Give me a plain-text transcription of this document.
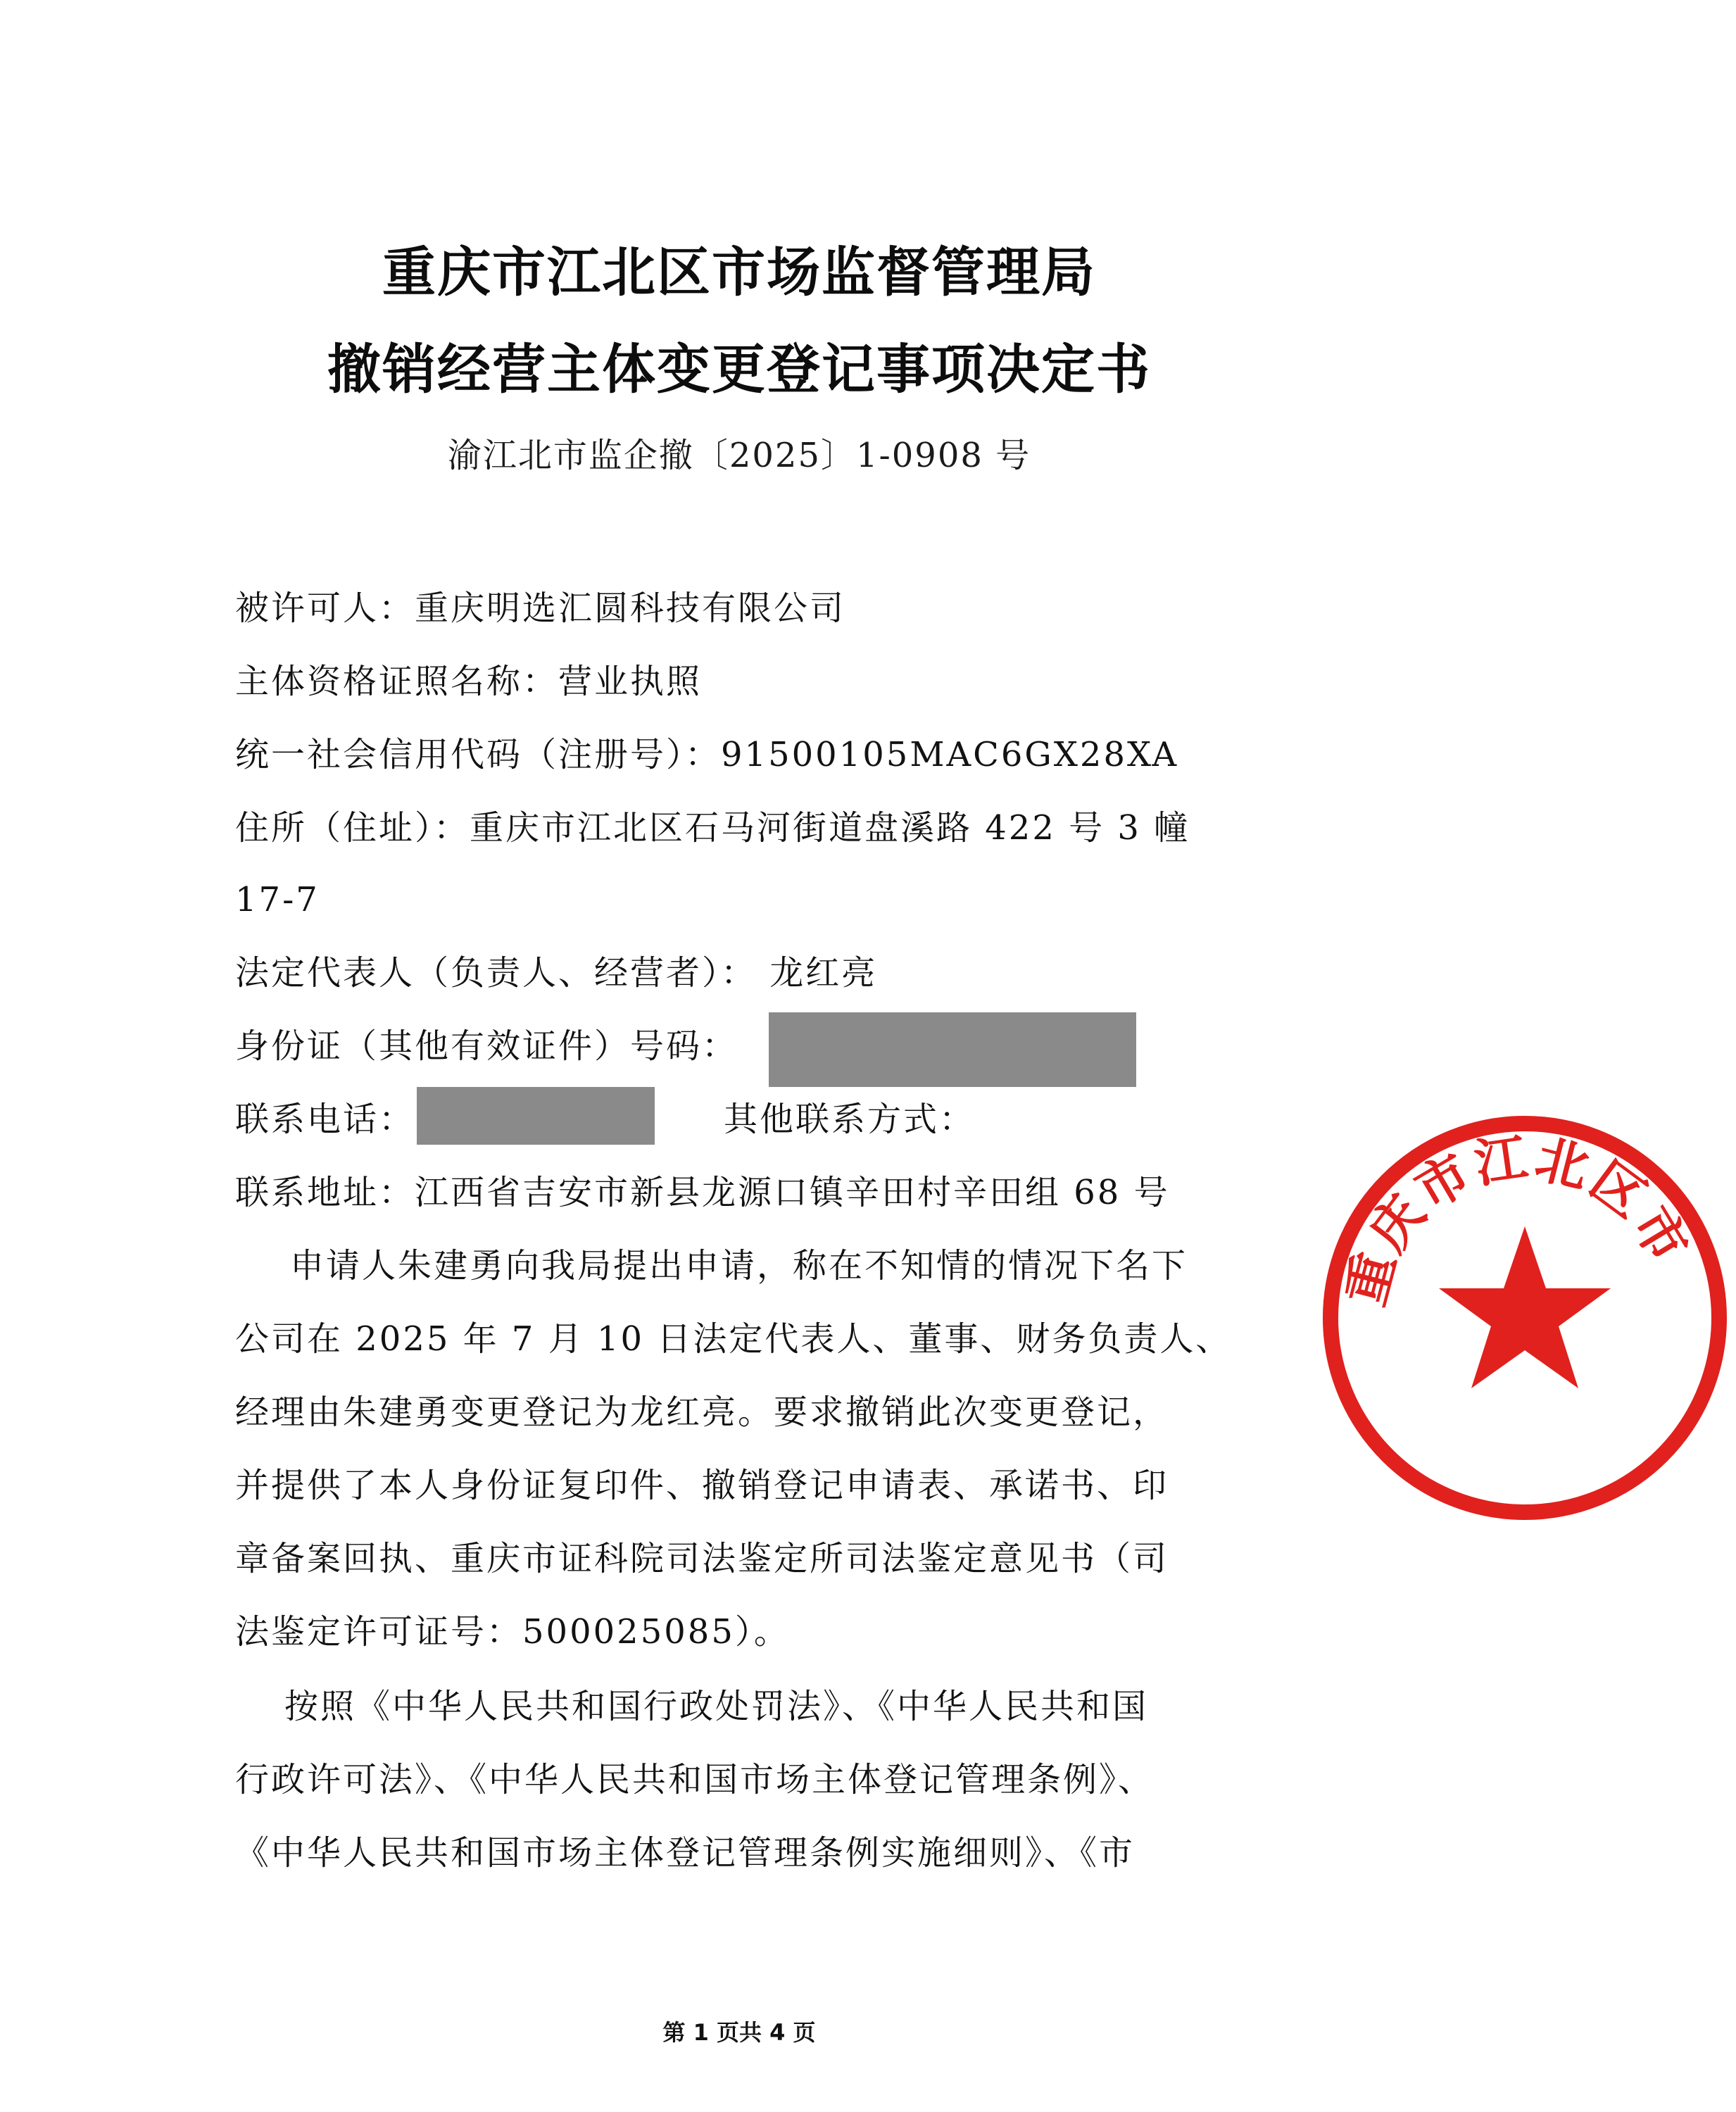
重庆市江北区市场监督管理局
撤销经营主体变更登记事项决定书
渝江北市监企撤〔2025〕1-0908 号
被许可人：重庆明选汇圆科技有限公司
主体资格证照名称：营业执照
统一社会信用代码（注册号）：91500105MAC6GX28XA
住所（住址）：重庆市江北区石马河街道盘溪路 422 号 3 幢
17-7
法定代表人（负责人、经营者）： 龙红亮
身份证（其他有效证件）号码：
联系电话：	其他联系方式：
联系地址：江西省吉安市新县龙源口镇辛田村辛田组 68 号
申请人朱建勇向我局提出申请，称在不知情的情况下名下
公司在 2025 年 7 月 10 日法定代表人、董事、财务负责人、
经理由朱建勇变更登记为龙红亮。要求撤销此次变更登记，
并提供了本人身份证复印件、撤销登记申请表、承诺书、印
章备案回执、重庆市证科院司法鉴定所司法鉴定意见书（司
法鉴定许可证号：500025085）。
按照《中华人民共和国行政处罚法》、《中华人民共和国
行政许可法》、《中华人民共和国市场主体登记管理条例》、
《中华人民共和国市场主体登记管理条例实施细则》、《市
重庆市江北区市
第 1 页共 4 页
